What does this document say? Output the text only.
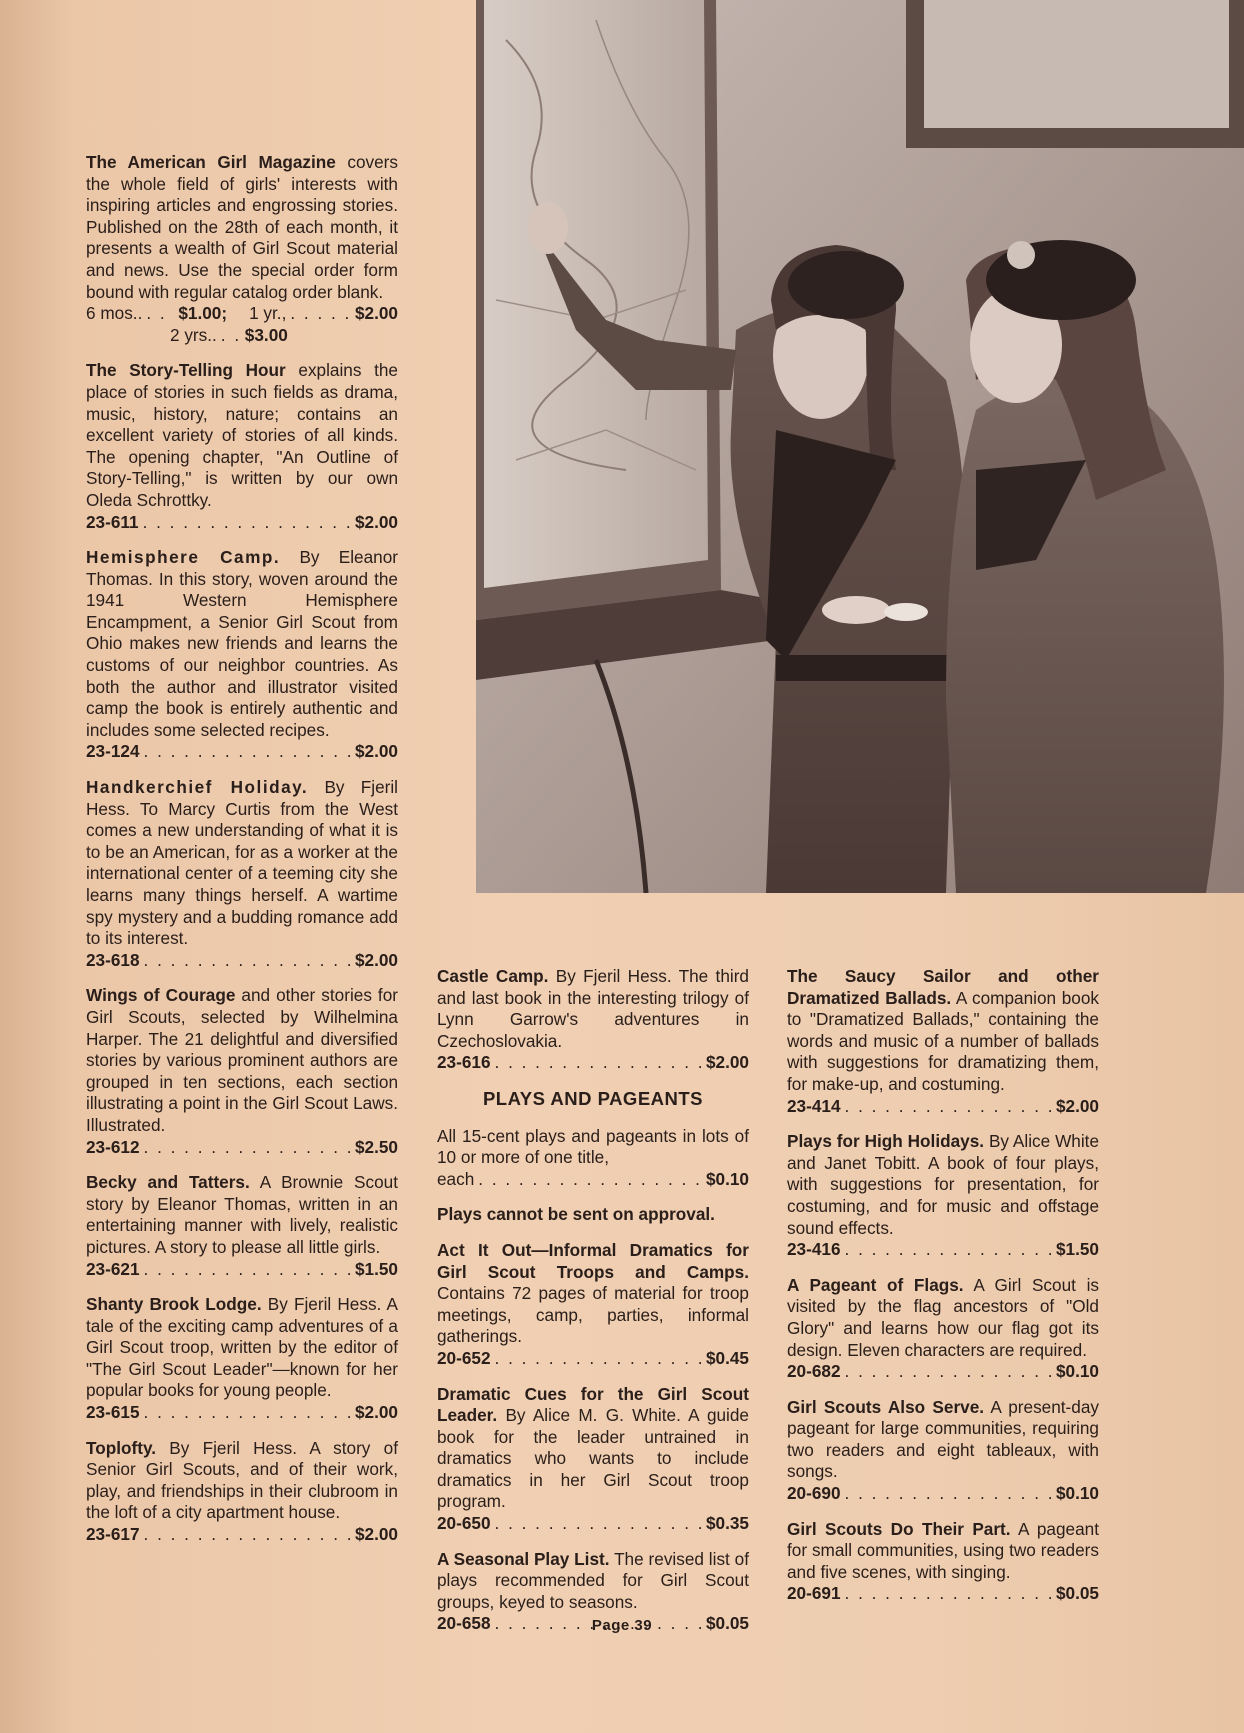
The American Girl Magazine covers the whole field of girls' interests with inspiring articles and engrossing stories. Published on the 28th of each month, it presents a wealth of Girl Scout material and news. Use the special order form bound with regular catalog order blank.
6 mos.. . . . $1.00; 1 yr., . . .	$2.00
2 yrs.. . . . $3.00
The Story-Telling Hour explains the place of stories in such fields as drama, music, history, nature; contains an excellent variety of stories of all kinds. The opening chapter, "An Outline of Story-Telling," is written by our own Oleda Schrottky.
23-611 . . .	$2.00
Hemisphere Camp. By Eleanor Thomas. In this story, woven around the 1941 Western Hemisphere Encampment, a Senior Girl Scout from Ohio makes new friends and learns the customs of our neighbor countries. As both the author and illustrator visited camp the book is entirely authentic and includes some selected recipes.
23-124 . . .	$2.00
Handkerchief Holiday. By Fjeril Hess. To Marcy Curtis from the West comes a new understanding of what it is to be an American, for as a worker at the international center of a teeming city she learns many things herself. A wartime spy mystery and a budding romance add to its interest.
23-618 . . .	$2.00
Wings of Courage and other stories for Girl Scouts, selected by Wilhelmina Harper. The 21 delightful and diversified stories by various prominent authors are grouped in ten sections, each section illustrating a point in the Girl Scout Laws. Illustrated.
23-612 . . .	$2.50
Becky and Tatters. A Brownie Scout story by Eleanor Thomas, written in an entertaining manner with lively, realistic pictures. A story to please all little girls.
23-621 . . .	$1.50
Shanty Brook Lodge. By Fjeril Hess. A tale of the exciting camp adventures of a Girl Scout troop, written by the editor of "The Girl Scout Leader"—known for her popular books for young people.
23-615 . . .	$2.00
Toplofty. By Fjeril Hess. A story of Senior Girl Scouts, and of their work, play, and friendships in their clubroom in the loft of a city apartment house.
23-617 . . .	$2.00
Castle Camp. By Fjeril Hess. The third and last book in the interesting trilogy of Lynn Garrow's adventures in Czechoslovakia.
23-616 . . .	$2.00
PLAYS AND PAGEANTS
All 15-cent plays and pageants in lots of 10 or more of one title,
each . . .	$0.10
Plays cannot be sent on approval.
Act It Out—Informal Dramatics for Girl Scout Troops and Camps. Contains 72 pages of material for troop meetings, camp, parties, informal gatherings.
20-652 . . .	$0.45
Dramatic Cues for the Girl Scout Leader. By Alice M. G. White. A guide book for the leader untrained in dramatics who wants to include dramatics in her Girl Scout troop program.
20-650 . . .	$0.35
A Seasonal Play List. The revised list of plays recommended for Girl Scout groups, keyed to seasons.
20-658 . . .	$0.05
The Saucy Sailor and other Dramatized Ballads. A companion book to "Dramatized Ballads," containing the words and music of a number of ballads with suggestions for dramatizing them, for make-up, and costuming.
23-414 . . .	$2.00
Plays for High Holidays. By Alice White and Janet Tobitt. A book of four plays, with suggestions for presentation, for costuming, and for music and offstage sound effects.
23-416 . . .	$1.50
A Pageant of Flags. A Girl Scout is visited by the flag ancestors of "Old Glory" and learns how our flag got its design. Eleven characters are required.
20-682 . . .	$0.10
Girl Scouts Also Serve. A present-day pageant for large communities, requiring two readers and eight tableaux, with songs.
20-690 . . .	$0.10
Girl Scouts Do Their Part. A pageant for small communities, using two readers and five scenes, with singing.
20-691 . . .	$0.05
Page 39
